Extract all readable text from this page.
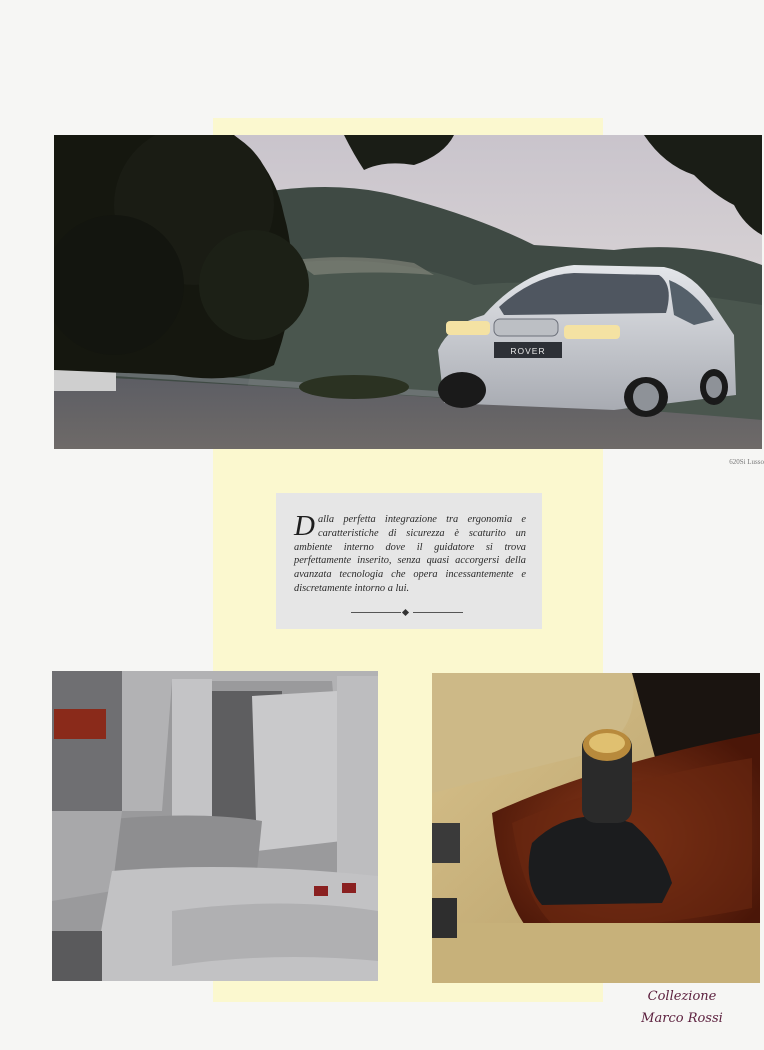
ROVER
620Si Lusso

Dalla perfetta integrazione tra ergonomia e caratteristiche di sicurezza è scaturito un ambiente interno dove il guidatore si trova perfettamente inserito, senza quasi accorgersi della avanzata tecnologia che opera incessantemente e discretamente intorno a lui.

Collezione
Marco Rossi
